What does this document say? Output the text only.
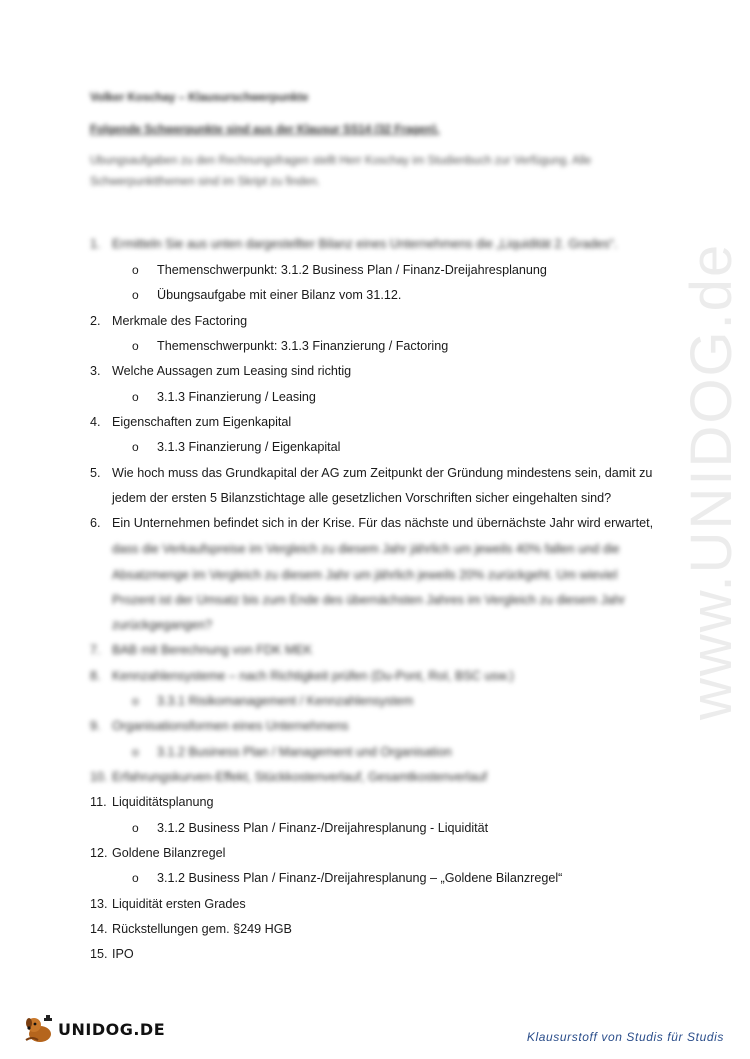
www.UNIDOG.de
Volker Koschay – Klausurschwerpunkte
Folgende Schwerpunkte sind aus der Klausur SS14 (32 Fragen).
Übungsaufgaben zu den Rechnungsfragen stellt Herr Koschay im Studienbuch zur Verfügung. Alle
Schwerpunktthemen sind im Skript zu finden.
1. Ermitteln Sie aus unten dargestellter Bilanz eines Unternehmens die „Liquidität 2. Grades“.
o Themenschwerpunkt: 3.1.2 Business Plan / Finanz-Dreijahresplanung
o Übungsaufgabe mit einer Bilanz vom 31.12.
2. Merkmale des Factoring
o Themenschwerpunkt: 3.1.3 Finanzierung / Factoring
3. Welche Aussagen zum Leasing sind richtig
o 3.1.3 Finanzierung / Leasing
4. Eigenschaften zum Eigenkapital
o 3.1.3 Finanzierung / Eigenkapital
5. Wie hoch muss das Grundkapital der AG zum Zeitpunkt der Gründung mindestens sein, damit zu
jedem der ersten 5 Bilanzstichtage alle gesetzlichen Vorschriften sicher eingehalten sind?
6. Ein Unternehmen befindet sich in der Krise. Für das nächste und übernächste Jahr wird erwartet,
dass die Verkaufspreise im Vergleich zu diesem Jahr jährlich um jeweils 40% fallen und die
Absatzmenge im Vergleich zu diesem Jahr um jährlich jeweils 20% zurückgeht. Um wieviel
Prozent ist der Umsatz bis zum Ende des übernächsten Jahres im Vergleich zu diesem Jahr
zurückgegangen?
7. BAB mit Berechnung von FDK MEK
8. Kennzahlensysteme – nach Richtigkeit prüfen (Du-Pont, RoI, BSC usw.)
o 3.3.1 Risikomanagement / Kennzahlensystem
9. Organisationsformen eines Unternehmens
o 3.1.2 Business Plan / Management und Organisation
10. Erfahrungskurven-Effekt, Stückkostenverlauf, Gesamtkostenverlauf
11. Liquiditätsplanung
o 3.1.2 Business Plan / Finanz-/Dreijahresplanung - Liquidität
12. Goldene Bilanzregel
o 3.1.2 Business Plan / Finanz-/Dreijahresplanung – „Goldene Bilanzregel“
13. Liquidität ersten Grades
14. Rückstellungen gem. §249 HGB
15. IPO
UNIDOG.DE	Klausurstoff von Studis für Studis
